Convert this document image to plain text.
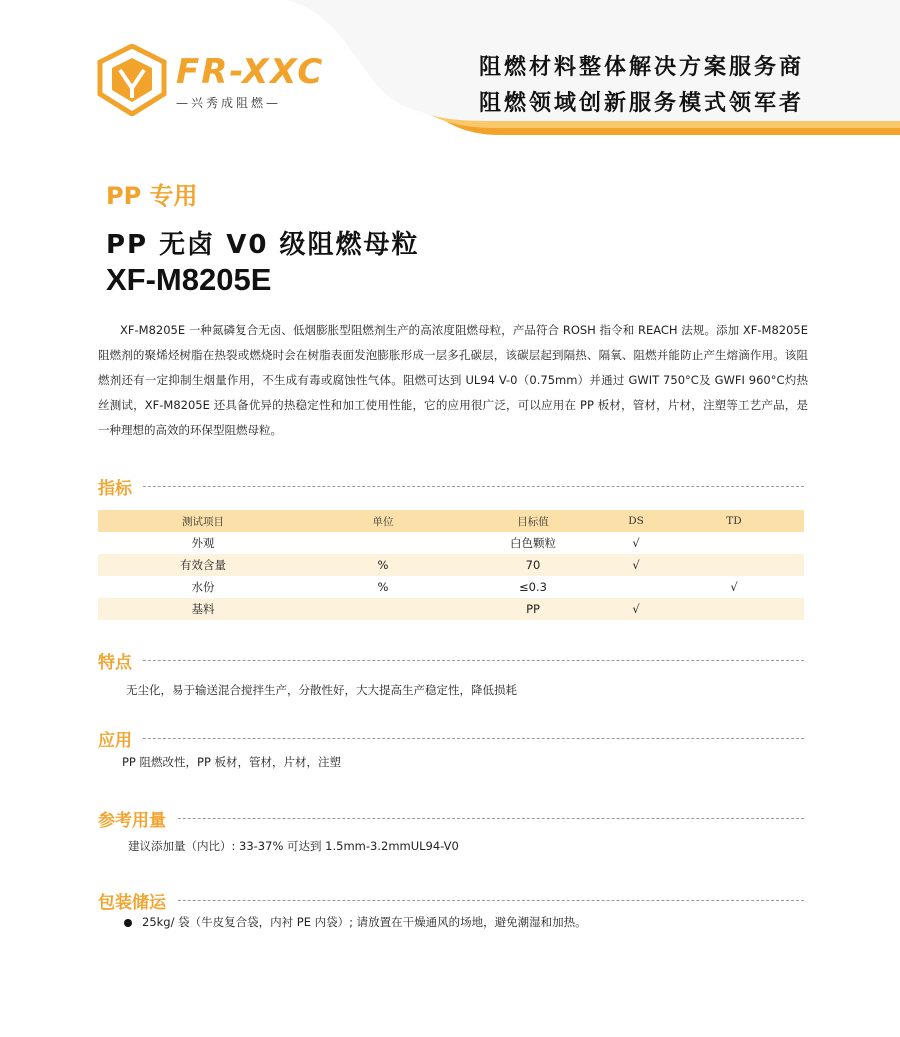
FR-XXC
—兴秀成阻燃—
阻燃材料整体解决方案服务商
阻燃领域创新服务模式领军者
PP 专用
PP 无卤 V0 级阻燃母粒
XF-M8205E

XF-M8205E 一种氮磷复合无卤、低烟膨胀型阻燃剂生产的高浓度阻燃母粒，产品符合 ROSH 指令和 REACH 法规。添加 XF-M8205E 阻燃剂的聚烯烃树脂在热裂或燃烧时会在树脂表面发泡膨胀形成一层多孔碳层，该碳层起到隔热、隔氧、阻燃并能防止产生熔滴作用。该阻燃剂还有一定抑制生烟量作用，不生成有毒或腐蚀性气体。阻燃可达到 UL94 V-0（0.75mm）并通过 GWIT 750°C及 GWFI 960°C灼热丝测试，XF-M8205E 还具备优异的热稳定性和加工使用性能，它的应用很广泛，可以应用在 PP 板材，管材，片材，注塑等工艺产品，是一种理想的高效的环保型阻燃母粒。

指标
测试项目	单位	目标值	DS	TD
外观		白色颗粒	√	
有效含量	%	70	√	
水份	%	≤0.3		√
基料		PP	√	
特点
无尘化，易于输送混合搅拌生产，分散性好，大大提高生产稳定性，降低损耗
应用
PP 阻燃改性，PP 板材，管材，片材，注塑
参考用量
建议添加量（内比）: 33-37% 可达到 1.5mm-3.2mmUL94-V0
包装储运
25kg/ 袋（牛皮复合袋，内衬 PE 内袋）; 请放置在干燥通风的场地，避免潮湿和加热。
